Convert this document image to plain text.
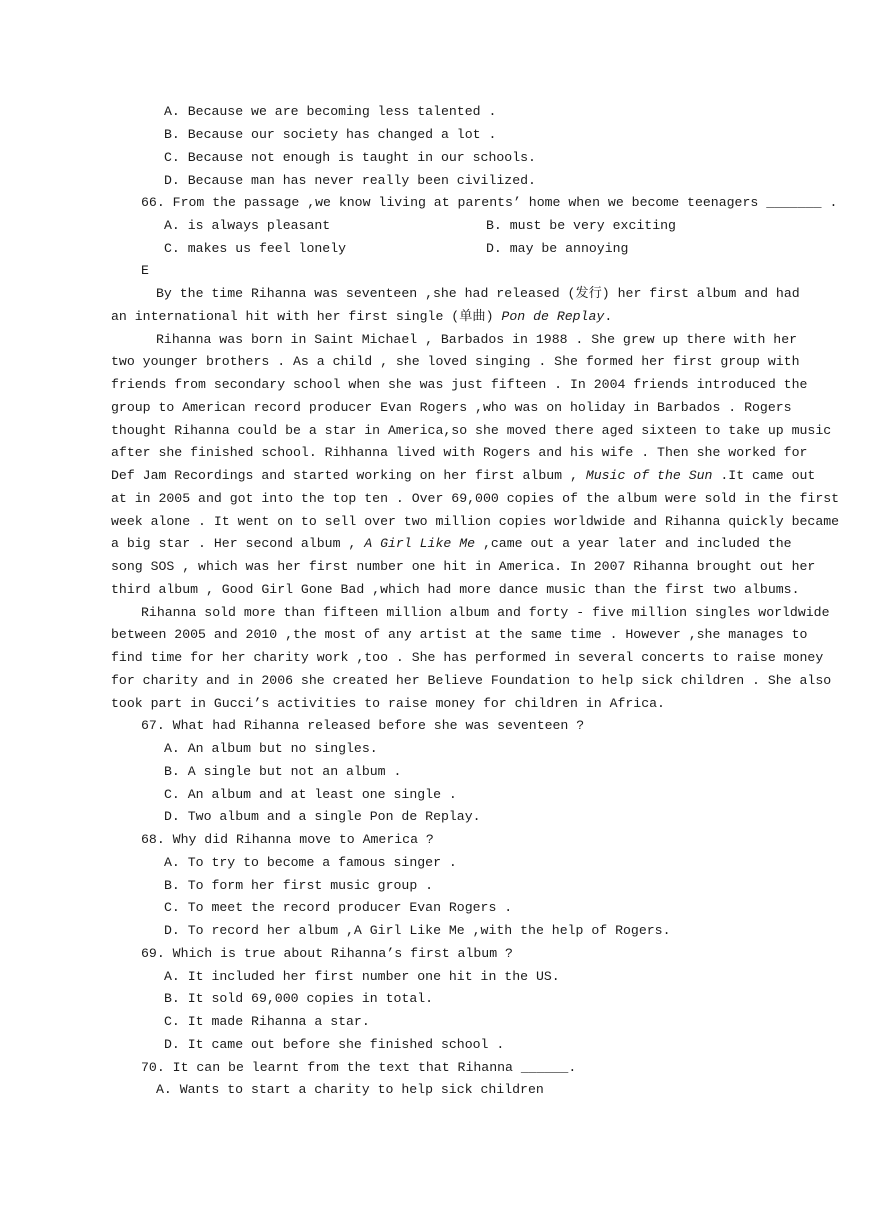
A. Because we are becoming less talented .
B. Because our society has changed a lot .
C. Because not enough is taught in our schools.
D. Because man has never really been civilized.
66. From the passage ,we know living at parents’ home when we become teenagers _______ .
A. is always pleasant	B. must be very exciting
C. makes us feel lonely	D. may be annoying
E
By the time Rihanna was seventeen ,she had released (发行) her first album and had
an international hit with her first single (单曲) Pon de Replay.
Rihanna was born in Saint Michael , Barbados in 1988 . She grew up there with her
two younger brothers . As a child , she loved singing . She formed her first group with
friends from secondary school when she was just fifteen . In 2004 friends introduced the
group to American record producer Evan Rogers ,who was on holiday in Barbados . Rogers
thought Rihanna could be a star in America,so she moved there aged sixteen to take up music
after she finished school. Rihhanna lived with Rogers and his wife . Then she worked for
Def Jam Recordings and started working on her first album , Music of the Sun .It came out
at in 2005 and got into the top ten . Over 69,000 copies of the album were sold in the first
week alone . It went on to sell over two million copies worldwide and Rihanna quickly became
a big star . Her second album , A Girl Like Me ,came out a year later and included the
song SOS , which was her first number one hit in America. In 2007 Rihanna brought out her
third album , Good Girl Gone Bad ,which had more dance music than the first two albums.
Rihanna sold more than fifteen million album and forty - five million singles worldwide
between 2005 and 2010 ,the most of any artist at the same time . However ,she manages to
find time for her charity work ,too . She has performed in several concerts to raise money
for charity and in 2006 she created her Believe Foundation to help sick children . She also
took part in Gucci’s activities to raise money for children in Africa.
67. What had Rihanna released before she was seventeen ?
A. An album but no singles.
B. A single but not an album .
C. An album and at least one single .
D. Two album and a single Pon de Replay.
68. Why did Rihanna move to America ?
A. To try to become a famous singer .
B. To form her first music group .
C. To meet the record producer Evan Rogers .
D. To record her album ,A Girl Like Me ,with the help of Rogers.
69. Which is true about Rihanna’s first album ?
A. It included her first number one hit in the US.
B. It sold 69,000 copies in total.
C. It made Rihanna a star.
D. It came out before she finished school .
70. It can be learnt from the text that Rihanna ______.
A. Wants to start a charity to help sick children
